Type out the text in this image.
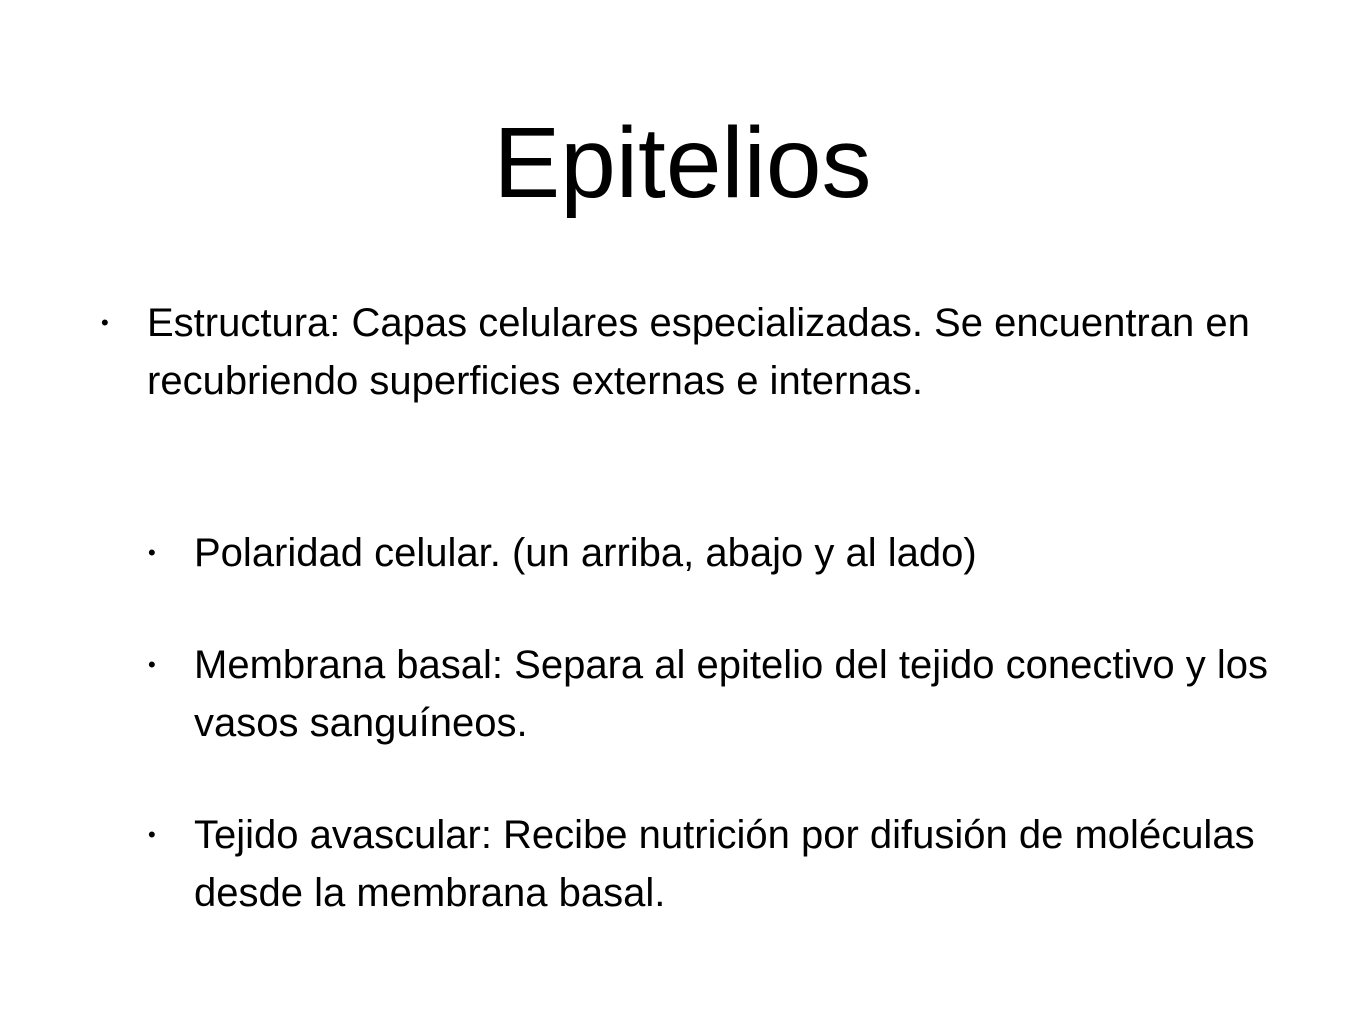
Epitelios
• Estructura: Capas celulares especializadas. Se encuentran en recubriendo superficies externas e internas.
• Polaridad celular. (un arriba, abajo y al lado)
• Membrana basal: Separa al epitelio del tejido conectivo y los vasos sanguíneos.
• Tejido avascular: Recibe nutrición por difusión de moléculas desde la membrana basal.
